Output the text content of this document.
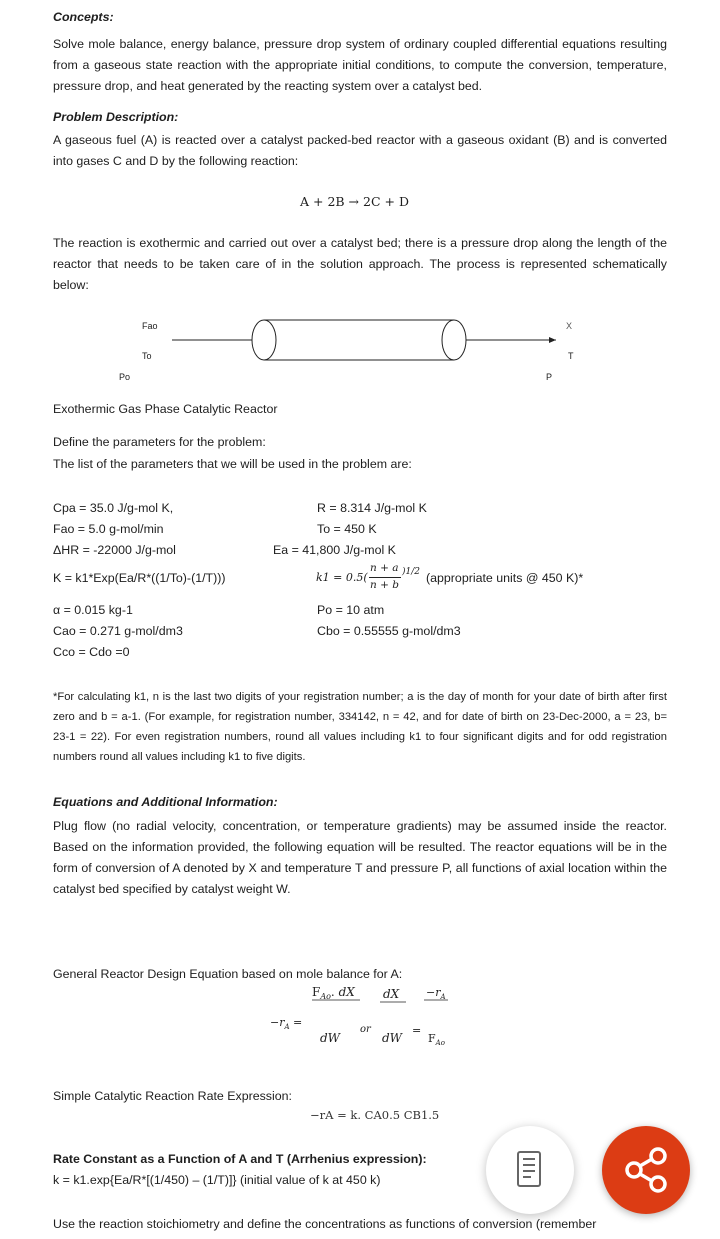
Concepts:
Solve mole balance, energy balance, pressure drop system of ordinary coupled differential equations resulting from a gaseous state reaction with the appropriate initial conditions, to compute the conversion, temperature, pressure drop, and heat generated by the reacting system over a catalyst bed.
Problem Description:
A gaseous fuel (A) is reacted over a catalyst packed-bed reactor with a gaseous oxidant (B) and is converted into gases C and D by the following reaction:
A + 2B → 2C + D
The reaction is exothermic and carried out over a catalyst bed; there is a pressure drop along the length of the reactor that needs to be taken care of in the solution approach. The process is represented schematically below:
Fao
To
Po
X
T
P
Exothermic Gas Phase Catalytic Reactor
Define the parameters for the problem:
The list of the parameters that we will be used in the problem are:
Cpa = 35.0 J/g-mol K,	R = 8.314 J/g-mol K
Fao = 5.0 g-mol/min	To = 450 K
ΔHR = -22000 J/g-mol	Ea = 41,800 J/g-mol K
K = k1*Exp(Ea/R*((1/To)-(1/T)))	k1 = 0.5(
n + a
n + b
)1/2 (appropriate units @ 450 K)*
α = 0.015 kg-1	Po = 10 atm
Cao = 0.271 g-mol/dm3	Cbo = 0.55555 g-mol/dm3
Cco = Cdo =0
*For calculating k1, n is the last two digits of your registration number; a is the day of month for your date of birth after first zero and b = a-1. (For example, for registration number, 334142, n = 42, and for date of birth on 23-Dec-2000, a = 23, b= 23-1 = 22). For even registration numbers, round all values including k1 to four significant digits and for odd registration numbers round all values including k1 to five digits.
Equations and Additional Information:
Plug flow (no radial velocity, concentration, or temperature gradients) may be assumed inside the reactor. Based on the information provided, the following equation will be resulted. The reactor equations will be in the form of conversion of A denoted by X and temperature T and pressure P, all functions of axial location within the catalyst bed specified by catalyst weight W.
General Reactor Design Equation based on mole balance for A:
$F_{Ao}$. dX dX $-r_A$
$-r_A$ =
dW
or
dW
=
$F_{Ao}$
Simple Catalytic Reaction Rate Expression:
−rA = k. CA0.5 CB1.5
Rate Constant as a Function of A and T (Arrhenius expression):
k = k1.exp{Ea/R*[(1/450) – (1/T)]} (initial value of k at 450 k)
Use the reaction stoichiometry and define the concentrations as functions of conversion (remember
